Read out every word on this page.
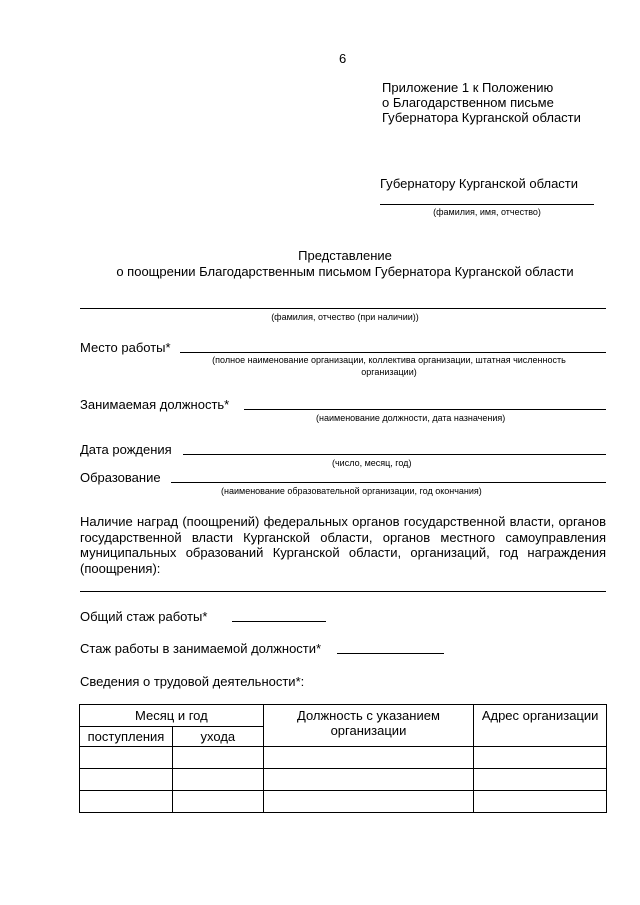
6
Приложение 1 к Положению
о Благодарственном письме
Губернатора Курганской области
Губернатору Курганской области
(фамилия, имя, отчество)
Представление
о поощрении Благодарственным письмом Губернатора Курганской области
(фамилия, отчество (при наличии))
Место работы*
(полное наименование организации, коллектива организации, штатная численность
организации)
Занимаемая должность*
(наименование должности, дата назначения)
Дата рождения
(число, месяц, год)
Образование
(наименование образовательной организации, год окончания)
Наличие наград (поощрений) федеральных органов государственной власти, органов государственной власти Курганской области, органов местного самоуправления муниципальных образований Курганской области, организаций, год награждения (поощрения):
Общий стаж работы*
Стаж работы в занимаемой должности*
Сведения о трудовой деятельности*:
Месяц и год		Должность с указанием организации	Адрес организации
поступления	ухода		
